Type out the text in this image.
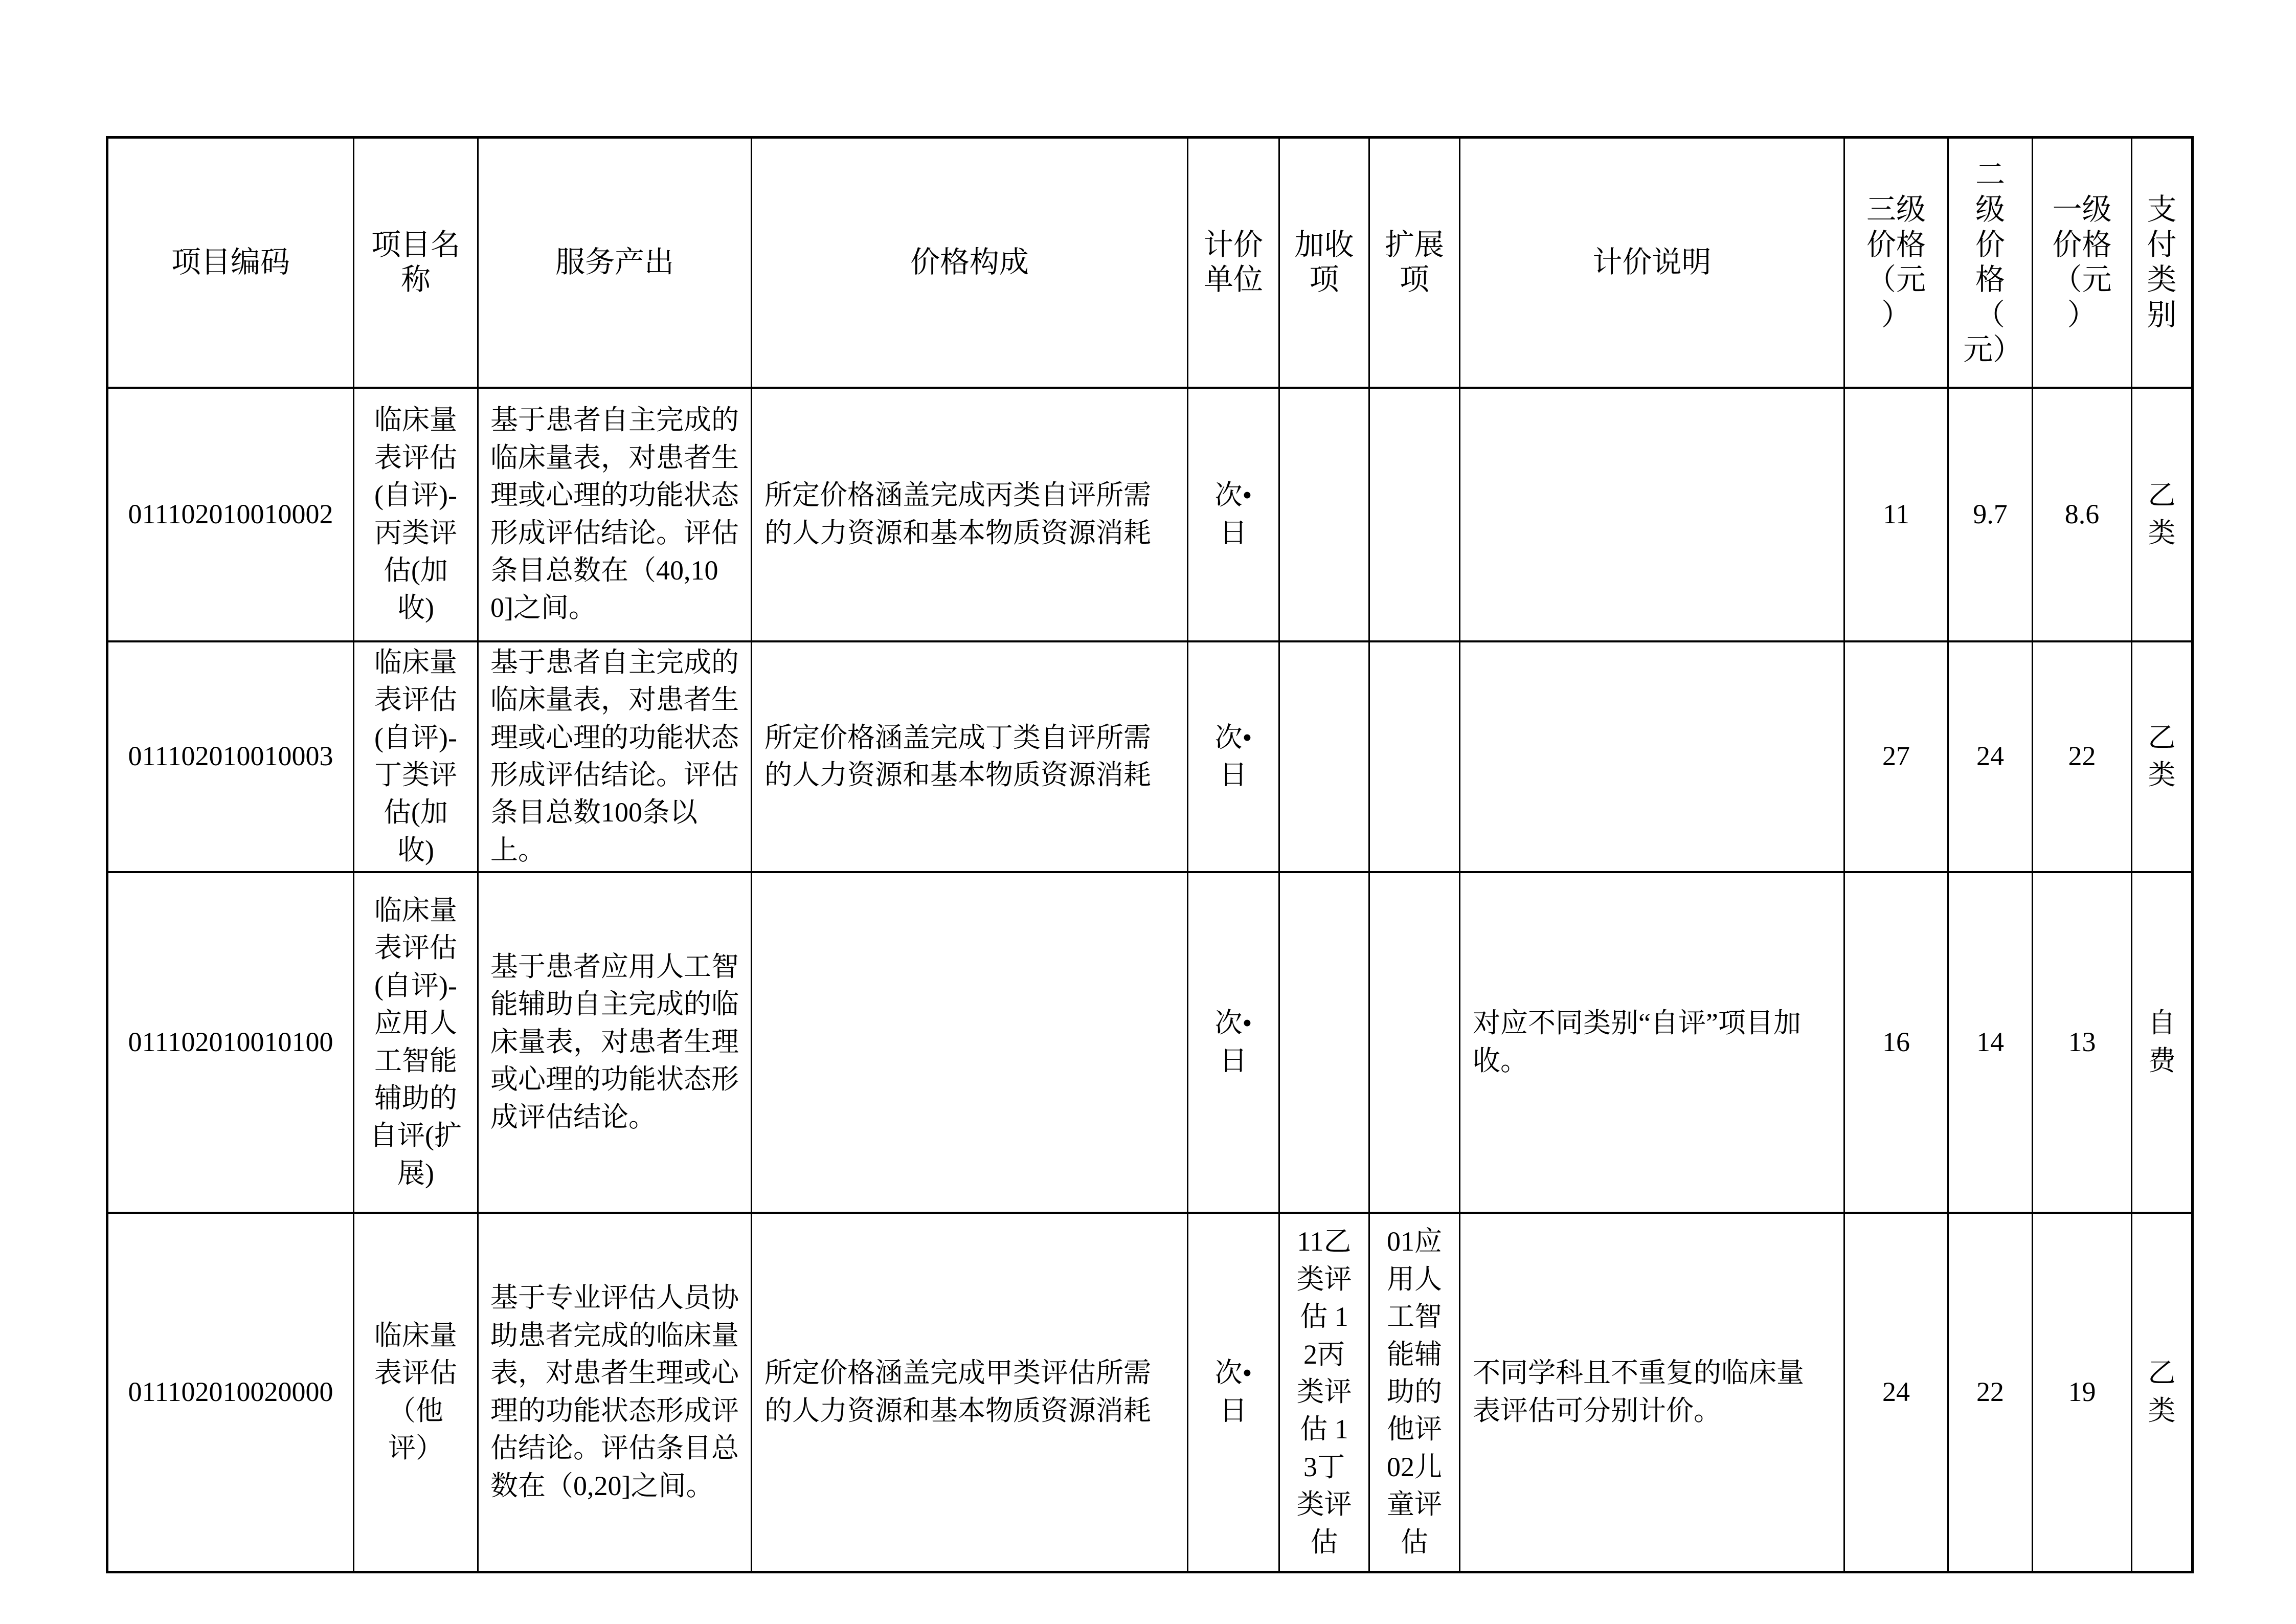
项目编码	项目名称	服务产出	价格构成	计价单位	加收项	扩展项	计价说明	三级价格（元）	二级价格（元）	一级价格（元）	支付类别
011102010010002	临床量表评估(自评)-丙类评估(加收)	基于患者自主完成的临床量表，对患者生理或心理的功能状态形成评估结论。评估条目总数在（40,100]之间。	所定价格涵盖完成丙类自评所需的人力资源和基本物质资源消耗	次•日				11	9.7	8.6	乙类
011102010010003	临床量表评估(自评)-丁类评估(加收)	基于患者自主完成的临床量表，对患者生理或心理的功能状态形成评估结论。评估条目总数100条以上。	所定价格涵盖完成丁类自评所需的人力资源和基本物质资源消耗	次•日				27	24	22	乙类
011102010010100	临床量表评估(自评)-应用人工智能辅助的自评(扩展)	基于患者应用人工智能辅助自主完成的临床量表，对患者生理或心理的功能状态形成评估结论。		次•日			对应不同类别“自评”项目加收。	16	14	13	自费
011102010020000	临床量表评估（他评）	基于专业评估人员协助患者完成的临床量表，对患者生理或心理的功能状态形成评估结论。评估条目总数在（0,20]之间。	所定价格涵盖完成甲类评估所需的人力资源和基本物质资源消耗	次•日	11乙类评估 12丙类评估 13丁类评估	01应用人工智能辅助的他评 02儿童评估	不同学科且不重复的临床量表评估可分别计价。	24	22	19	乙类
